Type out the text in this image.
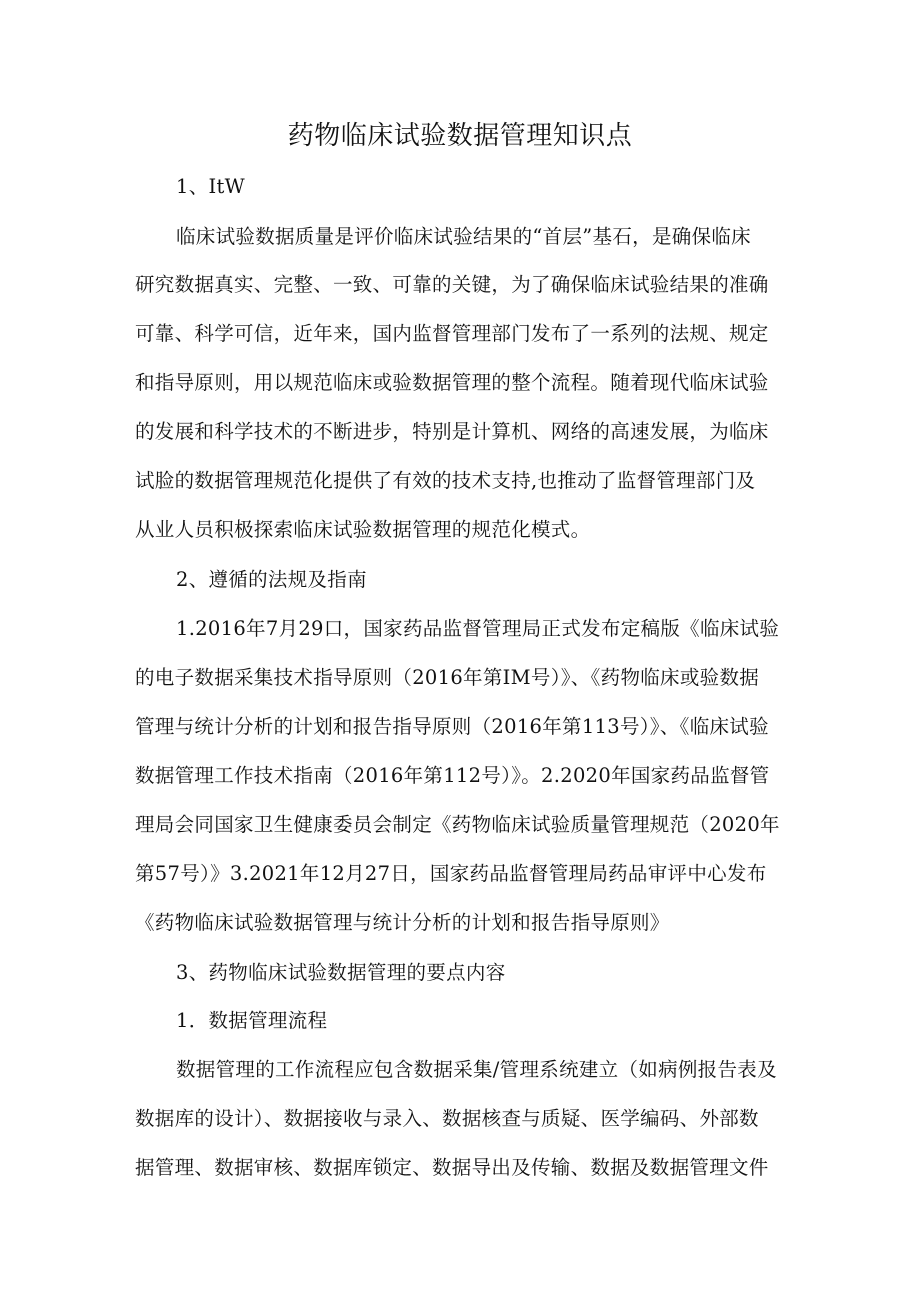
药物临床试验数据管理知识点
1、ItW
临床试验数据质量是评价临床试验结果的“首层”基石，是确保临床
研究数据真实、完整、一致、可靠的关键，为了确保临床试验结果的准确
可靠、科学可信，近年来，国内监督管理部门发布了一系列的法规、规定
和指导原则，用以规范临床或验数据管理的整个流程。随着现代临床试验
的发展和科学技术的不断进步，特别是计算机、网络的高速发展，为临床
试脸的数据管理规范化提供了有效的技术支持,也推动了监督管理部门及
从业人员积极探索临床试验数据管理的规范化模式。
2、遵循的法规及指南
1.2016年7月29口，国家药品监督管理局正式发布定稿版《临床试验
的电子数据采集技术指导原则（2016年第IM号）》、《药物临床或验数据
管理与统计分析的计划和报告指导原则（2016年第113号）》、《临床试验
数据管理工作技术指南（2016年第112号）》。2.2020年国家药品监督管
理局会同国家卫生健康委员会制定《药物临床试验质量管理规范（2020年
第57号）》3.2021年12月27日，国家药品监督管理局药品审评中心发布
《药物临床试验数据管理与统计分析的计划和报告指导原则》
3、药物临床试验数据管理的要点内容
1．数据管理流程
数据管理的工作流程应包含数据采集/管理系统建立（如病例报告表及
数据库的设计）、数据接收与录入、数据核查与质疑、医学编码、外部数
据管理、数据审核、数据库锁定、数据导出及传输、数据及数据管理文件
